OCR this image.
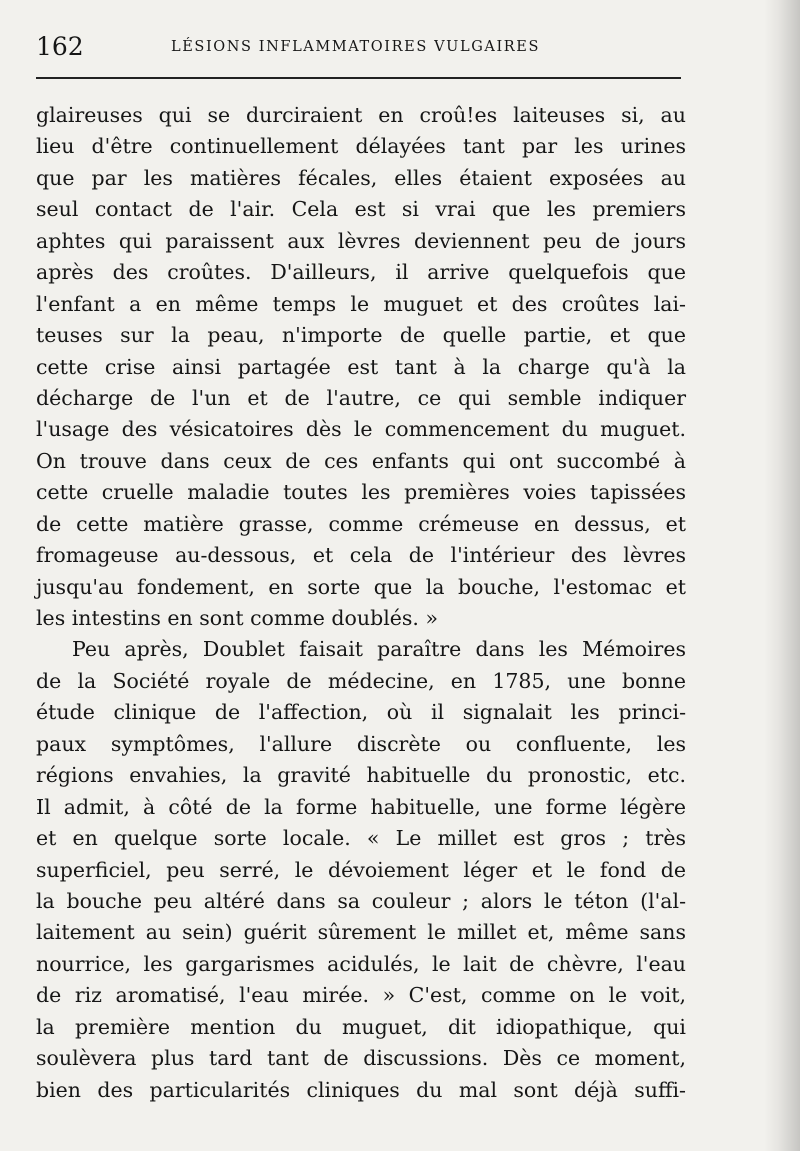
162	LÉSIONS INFLAMMATOIRES VULGAIRES
glaireuses qui se durciraient en croû!es laiteuses si, au
lieu d'être continuellement délayées tant par les urines
que par les matières fécales, elles étaient exposées au
seul contact de l'air. Cela est si vrai que les premiers
aphtes qui paraissent aux lèvres deviennent peu de jours
après des croûtes. D'ailleurs, il arrive quelquefois que
l'enfant a en même temps le muguet et des croûtes lai-
teuses sur la peau, n'importe de quelle partie, et que
cette crise ainsi partagée est tant à la charge qu'à la
décharge de l'un et de l'autre, ce qui semble indiquer
l'usage des vésicatoires dès le commencement du muguet.
On trouve dans ceux de ces enfants qui ont succombé à
cette cruelle maladie toutes les premières voies tapissées
de cette matière grasse, comme crémeuse en dessus, et
fromageuse au-dessous, et cela de l'intérieur des lèvres
jusqu'au fondement, en sorte que la bouche, l'estomac et
les intestins en sont comme doublés. »
Peu après, Doublet faisait paraître dans les Mémoires
de la Société royale de médecine, en 1785, une bonne
étude clinique de l'affection, où il signalait les princi-
paux symptômes, l'allure discrète ou confluente, les
régions envahies, la gravité habituelle du pronostic, etc.
Il admit, à côté de la forme habituelle, une forme légère
et en quelque sorte locale. « Le millet est gros ; très
superficiel, peu serré, le dévoiement léger et le fond de
la bouche peu altéré dans sa couleur ; alors le téton (l'al-
laitement au sein) guérit sûrement le millet et, même sans
nourrice, les gargarismes acidulés, le lait de chèvre, l'eau
de riz aromatisé, l'eau mirée. » C'est, comme on le voit,
la première mention du muguet, dit idiopathique, qui
soulèvera plus tard tant de discussions. Dès ce moment,
bien des particularités cliniques du mal sont déjà suffi-
